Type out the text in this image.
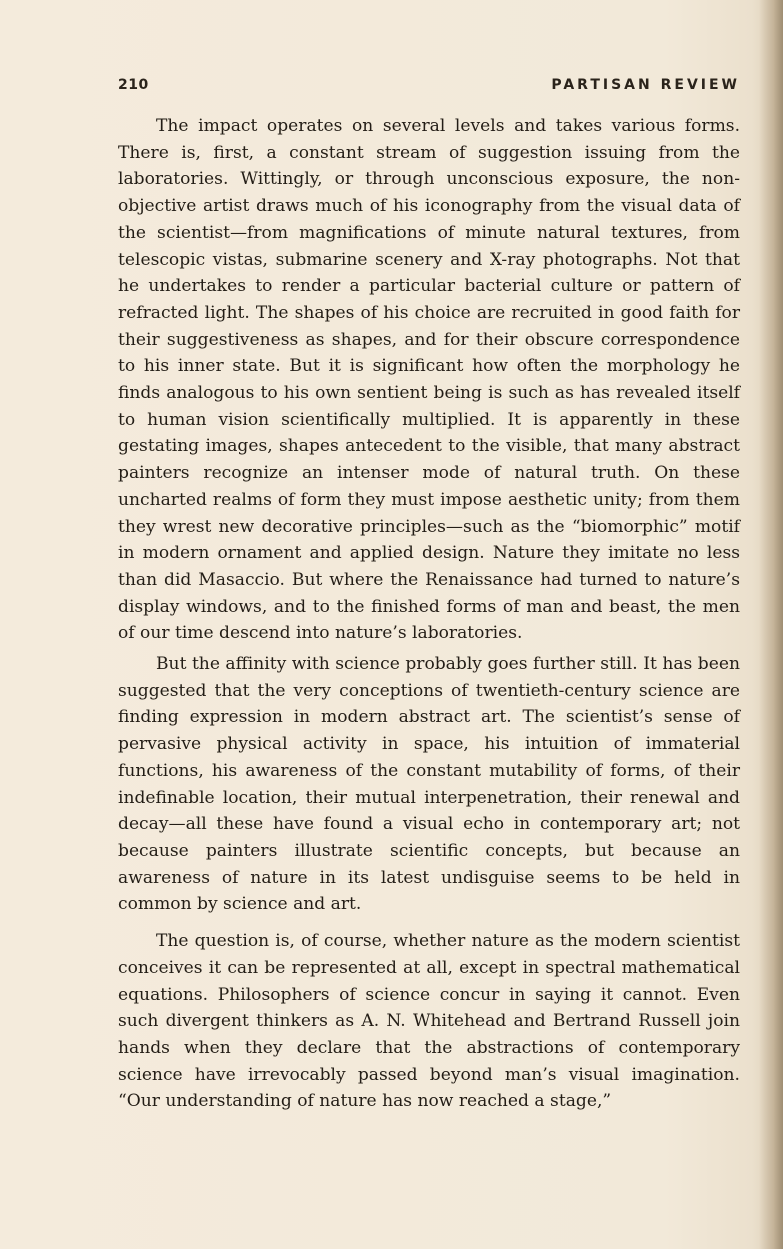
210	PARTISAN REVIEW

The impact operates on several levels and takes various forms. There is, first, a constant stream of suggestion issuing from the laboratories. Wittingly, or through unconscious exposure, the non-objective artist draws much of his iconography from the visual data of the scientist—from magnifications of minute natural textures, from telescopic vistas, submarine scenery and X-ray photographs. Not that he undertakes to render a particular bacterial culture or pattern of refracted light. The shapes of his choice are recruited in good faith for their suggestiveness as shapes, and for their obscure correspondence to his inner state. But it is significant how often the morphology he finds analogous to his own sentient being is such as has revealed itself to human vision scientifically multiplied. It is apparently in these gestating images, shapes antecedent to the visible, that many abstract painters recognize an intenser mode of natural truth. On these uncharted realms of form they must impose aesthetic unity; from them they wrest new decorative principles—such as the “biomorphic” motif in modern ornament and applied design. Nature they imitate no less than did Masaccio. But where the Renaissance had turned to nature’s display windows, and to the finished forms of man and beast, the men of our time descend into nature’s laboratories.

But the affinity with science probably goes further still. It has been suggested that the very conceptions of twentieth-century science are finding expression in modern abstract art. The scientist’s sense of pervasive physical activity in space, his intuition of immaterial functions, his awareness of the constant mutability of forms, of their indefinable location, their mutual interpenetration, their renewal and decay—all these have found a visual echo in contemporary art; not because painters illustrate scientific concepts, but because an awareness of nature in its latest undisguise seems to be held in common by science and art.

The question is, of course, whether nature as the modern scientist conceives it can be represented at all, except in spectral mathematical equations. Philosophers of science concur in saying it cannot. Even such divergent thinkers as A. N. Whitehead and Bertrand Russell join hands when they declare that the abstractions of contemporary science have irrevocably passed beyond man’s visual imagination. “Our understanding of nature has now reached a stage,”
